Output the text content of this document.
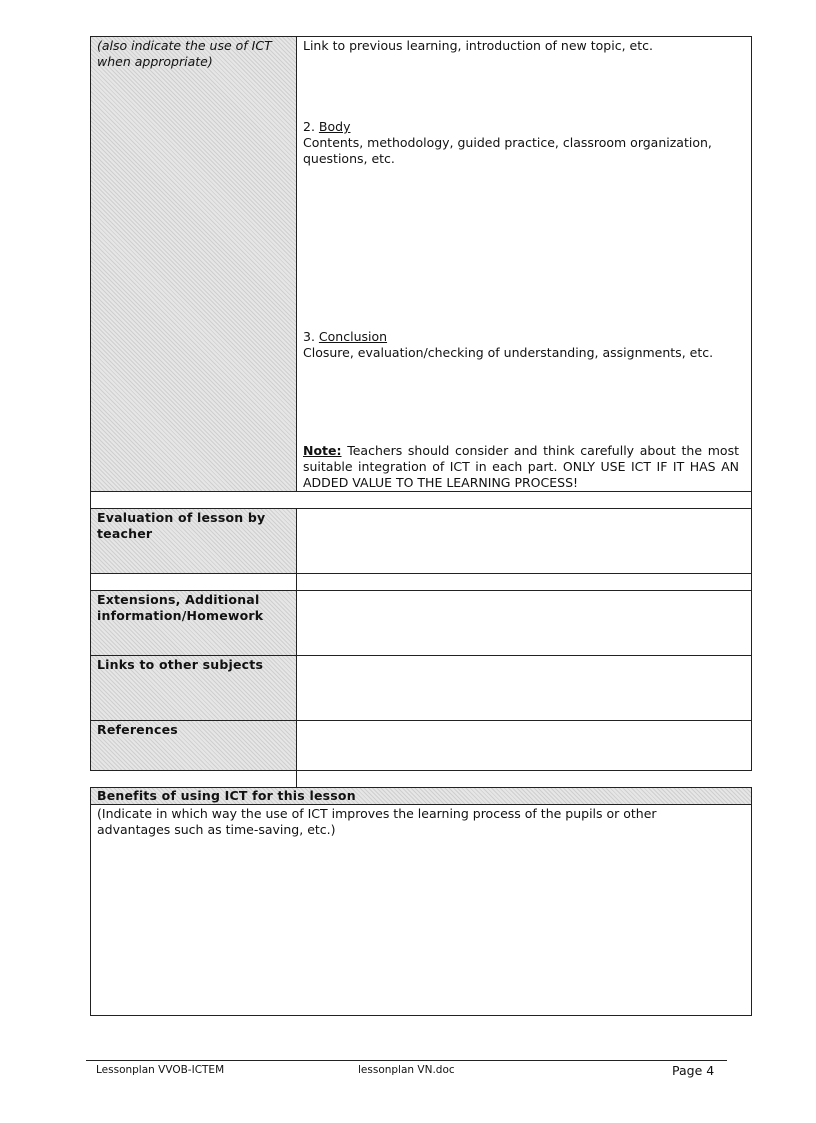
(also indicate the use of ICT when appropriate)
Link to previous learning, introduction of new topic, etc.
2. Body
Contents, methodology, guided practice, classroom organization, questions, etc.
3. Conclusion
Closure, evaluation/checking of understanding, assignments, etc.
Note: Teachers should consider and think carefully about the most suitable integration of ICT in each part. ONLY USE ICT IF IT HAS AN ADDED VALUE TO THE LEARNING PROCESS!
Evaluation of lesson by teacher
Extensions, Additional information/Homework
Links to other subjects
References
Benefits of using ICT for this lesson
(Indicate in which way the use of ICT improves the learning process of the pupils or other advantages such as time-saving, etc.)
Lessonplan VVOB-ICTEM	lessonplan VN.doc	Page 4
